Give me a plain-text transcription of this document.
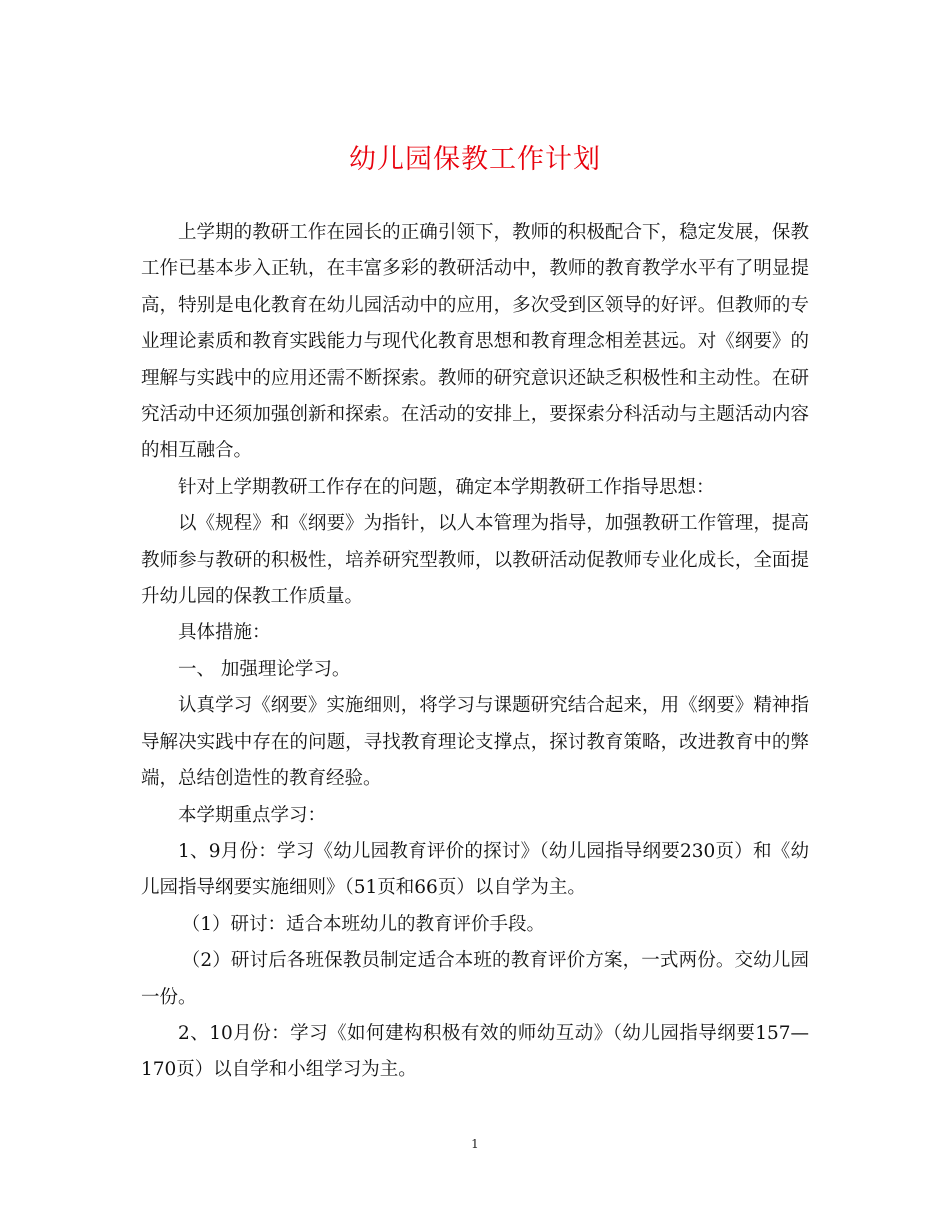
幼儿园保教工作计划

上学期的教研工作在园长的正确引领下，教师的积极配合下，稳定发展，保教工作已基本步入正轨，在丰富多彩的教研活动中，教师的教育教学水平有了明显提高，特别是电化教育在幼儿园活动中的应用，多次受到区领导的好评。但教师的专业理论素质和教育实践能力与现代化教育思想和教育理念相差甚远。对《纲要》的理解与实践中的应用还需不断探索。教师的研究意识还缺乏积极性和主动性。在研究活动中还须加强创新和探索。在活动的安排上，要探索分科活动与主题活动内容的相互融合。

针对上学期教研工作存在的问题，确定本学期教研工作指导思想：

以《规程》和《纲要》为指针，以人本管理为指导，加强教研工作管理，提高教师参与教研的积极性，培养研究型教师，以教研活动促教师专业化成长，全面提升幼儿园的保教工作质量。

具体措施：

一、 加强理论学习。

认真学习《纲要》实施细则，将学习与课题研究结合起来，用《纲要》精神指导解决实践中存在的问题，寻找教育理论支撑点，探讨教育策略，改进教育中的弊端，总结创造性的教育经验。

本学期重点学习：

1、9月份：学习《幼儿园教育评价的探讨》（幼儿园指导纲要230页）和《幼儿园指导纲要实施细则》（51页和66页）以自学为主。

（1）研讨：适合本班幼儿的教育评价手段。

（2）研讨后各班保教员制定适合本班的教育评价方案，一式两份。交幼儿园一份。

2、10月份：学习《如何建构积极有效的师幼互动》（幼儿园指导纲要157—170页）以自学和小组学习为主。

1
